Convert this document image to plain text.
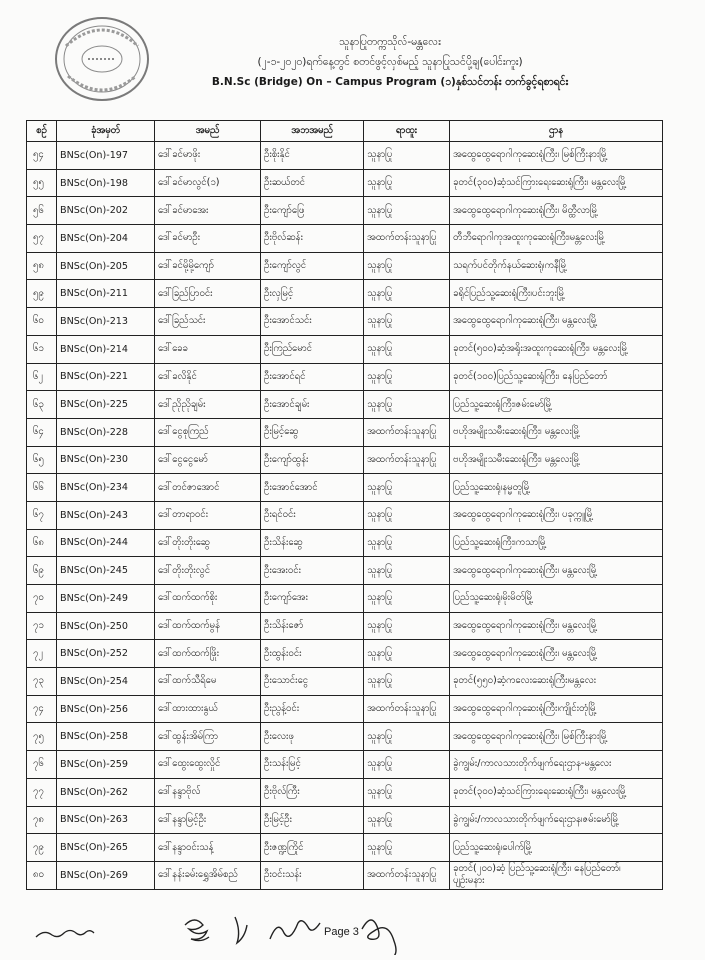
သူနာပြုတက္ကသိုလ်-မန္တလေး
(၂-၁-၂၀၂၀)ရက်နေ့တွင် စတင်ဖွင့်လှစ်မည့် သူနာပြုသင်ပို့ချ(ပေါင်းကူး)
B.N.Sc (Bridge) On – Campus Program (၁)နှစ်သင်တန်း တက်ခွင့်ရစာရင်း
စဉ်	ခုံအမှတ်	အမည်	အဘအမည်	ရာထူး	ဌာန
၅၄	BNSc(On)-197	ဒေါ်ခင်မာဖိုး	ဦးစိုးနိုင်	သူနာပြု	အထွေထွေရောဂါကုဆေးရုံကြီး၊ မြစ်ကြီးနားမြို့
၅၅	BNSc(On)-198	ဒေါ်ခင်မာလွင်(၁)	ဦးဆယ်တင်	သူနာပြု	ခုတင်(၃၀၀)ဆံ့သင်ကြားရေးဆေးရုံကြီး၊ မန္တလေးမြို့
၅၆	BNSc(On)-202	ဒေါ်ခင်မာအေး	ဦးကျော်ဖြေ	သူနာပြု	အထွေထွေရောဂါကုဆေးရုံကြီး၊ မိတ္ထီလာမြို့
၅၇	BNSc(On)-204	ဒေါ်ခင်မာဦး	ဦးဗိုလ်ဆန်း	အထက်တန်းသူနာပြု	တီဘီရောဂါကုအထူးကုဆေးရုံကြီး၊မန္တလေးမြို့
၅၈	BNSc(On)-205	ဒေါ်ခင်မို့မို့ကျော်	ဦးကျော်လွင်	သူနာပြု	သရက်ပင်တိုက်နယ်ဆေးရုံ၊ကနီမြို့
၅၉	BNSc(On)-211	ဒေါ်ခြည်ပြာဝင်း	ဦးလှမြင့်	သူနာပြု	ခရိုင်ပြည်သူ့ဆေးရုံကြီး၊ပင်းဘူးမြို့
၆၀	BNSc(On)-213	ဒေါ်ခြည်သင်း	ဦးအောင်သင်း	သူနာပြု	အထွေထွေရောဂါကုဆေးရုံကြီး၊ မန္တလေးမြို့
၆၁	BNSc(On)-214	ဒေါ်ခေခ	ဦးကြည်မောင်	သူနာပြု	ခုတင်(၅၀၀)ဆံ့အရိုးအထူးကုဆေးရုံကြီး၊ မန္တလေးမြို့
၆၂	BNSc(On)-221	ဒေါ်ခလိနိုင်	ဦးအောင်ရင်	သူနာပြု	ခုတင်(၁၀၀)ပြည်သူ့ဆေးရုံကြီး၊ နေပြည်တော်
၆၃	BNSc(On)-225	ဒေါ်ညိုညိုချမ်း	ဦးအောင်ချမ်း	သူနာပြု	ပြည်သူ့ဆေးရုံကြီး၊ဇမ်းမော်မြို့
၆၄	BNSc(On)-228	ဒေါ်ငွေစုကြည်	ဦးမြင့်ဆွေ	အထက်တန်းသူနာပြု	ဗဟိုအမျိုးသမီးဆေးရုံကြီး၊ မန္တလေးမြို့
၆၅	BNSc(On)-230	ဒေါ်ငွေငွေမော်	ဦးကျော်ထွန်း	အထက်တန်းသူနာပြု	ဗဟိုအမျိုးသမီးဆေးရုံကြီး၊ မန္တလေးမြို့
၆၆	BNSc(On)-234	ဒေါ်တင်ဇာအောင်	ဦးအောင်အောင်	သူနာပြု	ပြည်သူ့ဆေးရုံ၊နမ္မတူမြို့
၆၇	BNSc(On)-243	ဒေါ်တာရာဝင်း	ဦးရင်ဝင်း	သူနာပြု	အထွေထွေရောဂါကုဆေးရုံကြီး၊ ပခုက္ကူမြို့
၆၈	BNSc(On)-244	ဒေါ်တိုးတိုးဆွေ	ဦးသိန်းဆွေ	သူနာပြု	ပြည်သူ့ဆေးရုံကြီး၊ကသာမြို့
၆၉	BNSc(On)-245	ဒေါ်တိုးတိုးလွင်	ဦးအေးဝင်း	သူနာပြု	အထွေထွေရောဂါကုဆေးရုံကြီး၊ မန္တလေးမြို့
၇၀	BNSc(On)-249	ဒေါ်ထက်ထက်စိုး	ဦးကျော်အေး	သူနာပြု	ပြည်သူ့ဆေးရုံ၊မိုးမိတ်မြို့
၇၁	BNSc(On)-250	ဒေါ်ထက်ထက်မွန်	ဦးသိန်းဇော်	သူနာပြု	အထွေထွေရောဂါကုဆေးရုံကြီး၊ မန္တလေးမြို့
၇၂	BNSc(On)-252	ဒေါ်ထက်ထက်ဖြိုး	ဦးထွန်းဝင်း	သူနာပြု	အထွေထွေရောဂါကုဆေးရုံကြီး၊ မန္တလေးမြို့
၇၃	BNSc(On)-254	ဒေါ်ထက်သီရိမေ	ဦးသောင်းငွေ	သူနာပြု	ခုတင်(၅၅၀)ဆံ့ကလေးဆေးရုံကြီး၊မန္တလေး
၇၄	BNSc(On)-256	ဒေါ်ထားထားနွယ်	ဦးညွန့်ဝင်း	အထက်တန်းသူနာပြု	အထွေထွေရောဂါကုဆေးရုံကြီး၊ကျိုင်းတုံမြို့
၇၅	BNSc(On)-258	ဒေါ်ထွန်းအိမ်ကြာ	ဦးလေးဖု	သူနာပြု	အထွေထွေရောဂါကုဆေးရုံကြီး၊ မြစ်ကြီးနားမြို့
၇၆	BNSc(On)-259	ဒေါ်ထွေးထွေးလှိုင်	ဦးသန်းမြင့်	သူနာပြု	ခွဲကျွမ်း/ကာလသားတိုက်ဖျက်ရေးဌာန-မန္တလေး
၇၇	BNSc(On)-262	ဒေါ်နန္ဒာဗိုလ်	ဦးဗိုလ်ကြီး	သူနာပြု	ခုတင်(၃၀၀)ဆံ့သင်ကြားရေးဆေးရုံကြီး၊ မန္တလေးမြို့
၇၈	BNSc(On)-263	ဒေါ်နန္ဒာမြင့်ဦး	ဦးမြင့်ဦး	သူနာပြု	ခွဲကျွမ်း/ကာလသားတိုက်ဖျက်ရေးဌာန၊ဇမ်းမော်မြို့
၇၉	BNSc(On)-265	ဒေါ်နန္ဒာဝင်းသန့်	ဦးဇဏ္ဍကြိုင်	သူနာပြု	ပြည်သူ့ဆေးရုံ၊ပေါက်မြို့
၈၀	BNSc(On)-269	ဒေါ်နန်းခမ်းရွှေအိမ်စည်	ဦးဝင်းသန်း	အထက်တန်းသူနာပြု	ခုတင်(၂၀၀)ဆံ့ ပြည်သူ့ဆေးရုံကြီး၊ နေပြည်တော်၊
ပျဉ်းမနား
Page 3
